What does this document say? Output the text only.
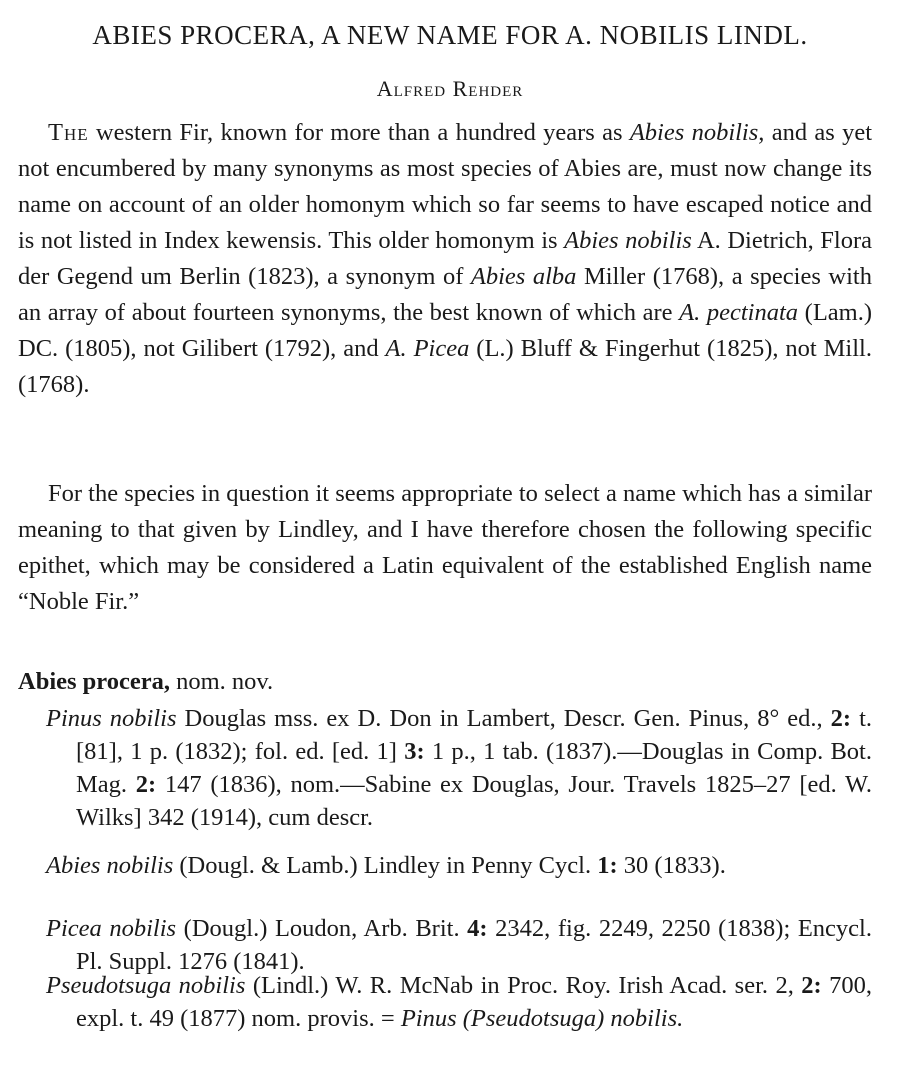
ABIES PROCERA, A NEW NAME FOR A. NOBILIS LINDL.
Alfred Rehder

The western Fir, known for more than a hundred years as Abies nobilis, and as yet not encumbered by many synonyms as most species of Abies are, must now change its name on account of an older homonym which so far seems to have escaped notice and is not listed in Index kewensis. This older homonym is Abies nobilis A. Dietrich, Flora der Gegend um Berlin (1823), a synonym of Abies alba Miller (1768), a species with an array of about fourteen synonyms, the best known of which are A. pectinata (Lam.) DC. (1805), not Gilibert (1792), and A. Picea (L.) Bluff & Fingerhut (1825), not Mill. (1768).

For the species in question it seems appropriate to select a name which has a similar meaning to that given by Lindley, and I have therefore chosen the following specific epithet, which may be considered a Latin equivalent of the established English name “Noble Fir.”

Abies procera, nom. nov.

Pinus nobilis Douglas mss. ex D. Don in Lambert, Descr. Gen. Pinus, 8° ed., 2: t. [81], 1 p. (1832); fol. ed. [ed. 1] 3: 1 p., 1 tab. (1837).—Douglas in Comp. Bot. Mag. 2: 147 (1836), nom.—Sabine ex Douglas, Jour. Travels 1825–27 [ed. W. Wilks] 342 (1914), cum descr.

Abies nobilis (Dougl. & Lamb.) Lindley in Penny Cycl. 1: 30 (1833).

Picea nobilis (Dougl.) Loudon, Arb. Brit. 4: 2342, fig. 2249, 2250 (1838); Encycl. Pl. Suppl. 1276 (1841).

Pseudotsuga nobilis (Lindl.) W. R. McNab in Proc. Roy. Irish Acad. ser. 2, 2: 700, expl. t. 49 (1877) nom. provis. = Pinus (Pseudotsuga) nobilis.
